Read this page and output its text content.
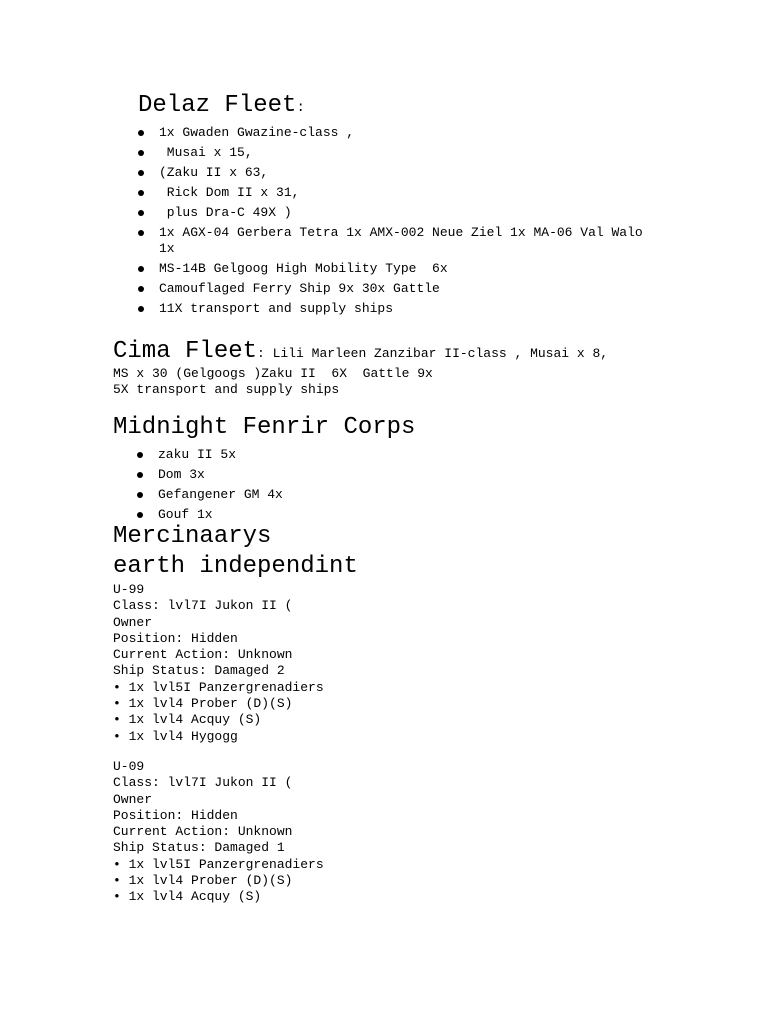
Delaz Fleet:
1x Gwaden Gwazine-class ,
Musai x 15,
(Zaku II x 63,
Rick Dom II x 31,
plus Dra-C 49X )
1x AGX-04 Gerbera Tetra 1x AMX-002 Neue Ziel 1x MA-06 Val Walo 1x
MS-14B Gelgoog High Mobility Type  6x
Camouflaged Ferry Ship 9x 30x Gattle
11X transport and supply ships
Cima Fleet: Lili Marleen Zanzibar II-class , Musai x 8,

MS x 30 (Gelgoogs )Zaku II  6X  Gattle 9x

5X transport and supply ships

Midnight Fenrir Corps
zaku II 5x
Dom 3x
Gefangener GM 4x
Gouf 1x
Mercinaarys
earth independint
U-99
Class: lvl7I Jukon II (
Owner
Position: Hidden
Current Action: Unknown
Ship Status: Damaged 2
• 1x lvl5I Panzergrenadiers
• 1x lvl4 Prober (D)(S)
• 1x lvl4 Acquy (S)
• 1x lvl4 Hygogg
U-09
Class: lvl7I Jukon II (
Owner
Position: Hidden
Current Action: Unknown
Ship Status: Damaged 1
• 1x lvl5I Panzergrenadiers
• 1x lvl4 Prober (D)(S)
• 1x lvl4 Acquy (S)
